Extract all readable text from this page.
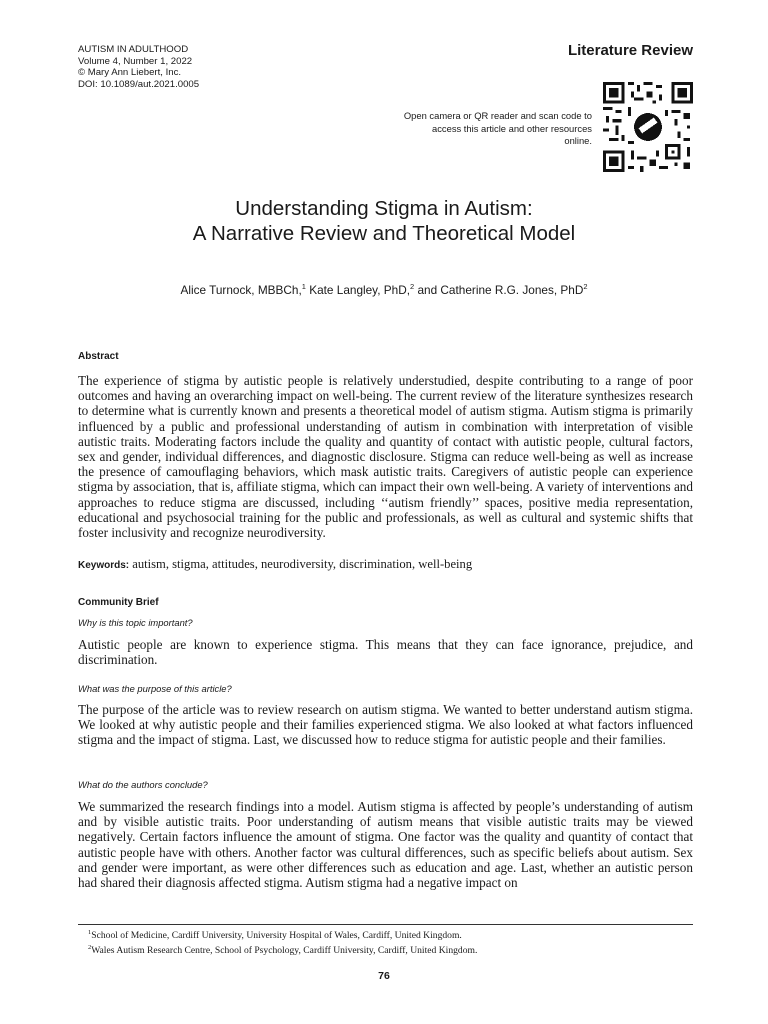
AUTISM IN ADULTHOOD
Volume 4, Number 1, 2022
© Mary Ann Liebert, Inc.
DOI: 10.1089/aut.2021.0005
Literature Review
Open camera or QR reader and scan code to access this article and other resources online.
Understanding Stigma in Autism:
A Narrative Review and Theoretical Model
Alice Turnock, MBBCh,$^1$ Kate Langley, PhD,$^2$ and Catherine R.G. Jones, PhD$^2$
Abstract
The experience of stigma by autistic people is relatively understudied, despite contributing to a range of poor outcomes and having an overarching impact on well-being. The current review of the literature synthesizes research to determine what is currently known and presents a theoretical model of autism stigma. Autism stigma is primarily influenced by a public and professional understanding of autism in combination with interpretation of visible autistic traits. Moderating factors include the quality and quantity of contact with autistic people, cultural factors, sex and gender, individual differences, and diagnostic disclosure. Stigma can reduce well-being as well as increase the presence of camouflaging behaviors, which mask autistic traits. Caregivers of autistic people can experience stigma by association, that is, affiliate stigma, which can impact their own well-being. A variety of interventions and approaches to reduce stigma are discussed, including ‘‘autism friendly’’ spaces, positive media representation, educational and psychosocial training for the public and professionals, as well as cultural and systemic shifts that foster inclusivity and recognize neurodiversity.
Keywords: autism, stigma, attitudes, neurodiversity, discrimination, well-being
Community Brief
Why is this topic important?
Autistic people are known to experience stigma. This means that they can face ignorance, prejudice, and discrimination.
What was the purpose of this article?
The purpose of the article was to review research on autism stigma. We wanted to better understand autism stigma. We looked at why autistic people and their families experienced stigma. We also looked at what factors influenced stigma and the impact of stigma. Last, we discussed how to reduce stigma for autistic people and their families.
What do the authors conclude?
We summarized the research findings into a model. Autism stigma is affected by people’s understanding of autism and by visible autistic traits. Poor understanding of autism means that visible autistic traits may be viewed negatively. Certain factors influence the amount of stigma. One factor was the quality and quantity of contact that autistic people have with others. Another factor was cultural differences, such as specific beliefs about autism. Sex and gender were important, as were other differences such as education and age. Last, whether an autistic person had shared their diagnosis affected stigma. Autism stigma had a negative impact on
$^1$School of Medicine, Cardiff University, University Hospital of Wales, Cardiff, United Kingdom.
$^2$Wales Autism Research Centre, School of Psychology, Cardiff University, Cardiff, United Kingdom.
76
